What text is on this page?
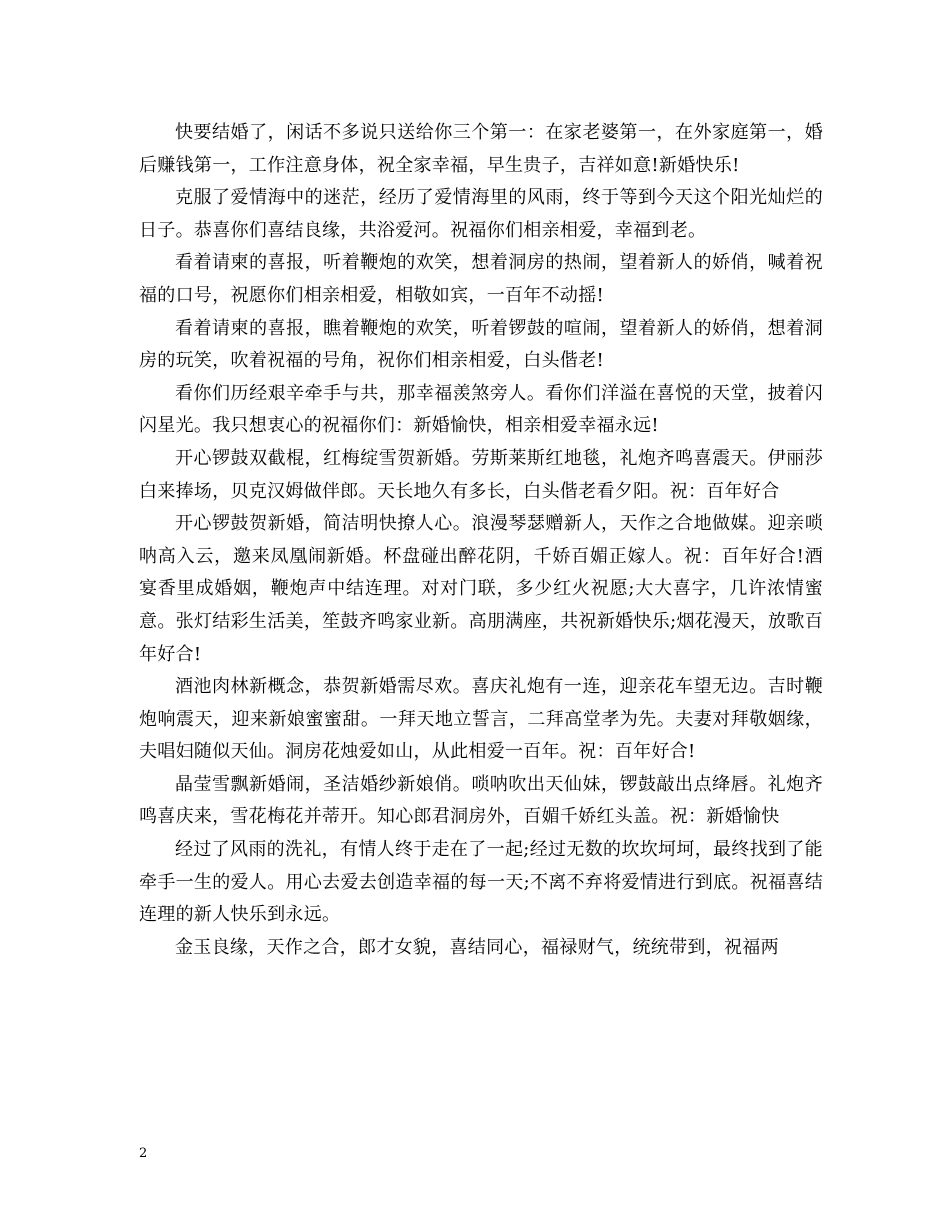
快要结婚了，闲话不多说只送给你三个第一：在家老婆第一，在外家庭第一，婚后赚钱第一，工作注意身体，祝全家幸福，早生贵子，吉祥如意!新婚快乐!

克服了爱情海中的迷茫，经历了爱情海里的风雨，终于等到今天这个阳光灿烂的日子。恭喜你们喜结良缘，共浴爱河。祝福你们相亲相爱，幸福到老。

看着请柬的喜报，听着鞭炮的欢笑，想着洞房的热闹，望着新人的娇俏，喊着祝福的口号，祝愿你们相亲相爱，相敬如宾，一百年不动摇!

看着请柬的喜报，瞧着鞭炮的欢笑，听着锣鼓的喧闹，望着新人的娇俏，想着洞房的玩笑，吹着祝福的号角，祝你们相亲相爱，白头偕老!

看你们历经艰辛牵手与共，那幸福羡煞旁人。看你们洋溢在喜悦的天堂，披着闪闪星光。我只想衷心的祝福你们：新婚愉快，相亲相爱幸福永远!

开心锣鼓双截棍，红梅绽雪贺新婚。劳斯莱斯红地毯，礼炮齐鸣喜震天。伊丽莎白来捧场，贝克汉姆做伴郎。天长地久有多长，白头偕老看夕阳。祝：百年好合

开心锣鼓贺新婚，简洁明快撩人心。浪漫琴瑟赠新人，天作之合地做媒。迎亲唢呐高入云，邀来凤凰闹新婚。杯盘碰出醉花阴，千娇百媚正嫁人。祝：百年好合!酒宴香里成婚姻，鞭炮声中结连理。对对门联，多少红火祝愿;大大喜字，几许浓情蜜意。张灯结彩生活美，笙鼓齐鸣家业新。高朋满座，共祝新婚快乐;烟花漫天，放歌百年好合!

酒池肉林新概念，恭贺新婚需尽欢。喜庆礼炮有一连，迎亲花车望无边。吉时鞭炮响震天，迎来新娘蜜蜜甜。一拜天地立誓言，二拜高堂孝为先。夫妻对拜敬姻缘，夫唱妇随似天仙。洞房花烛爱如山，从此相爱一百年。祝：百年好合!

晶莹雪飘新婚闹，圣洁婚纱新娘俏。唢呐吹出天仙妹，锣鼓敲出点绛唇。礼炮齐鸣喜庆来，雪花梅花并蒂开。知心郎君洞房外，百媚千娇红头盖。祝：新婚愉快

经过了风雨的洗礼，有情人终于走在了一起;经过无数的坎坎坷坷，最终找到了能牵手一生的爱人。用心去爱去创造幸福的每一天;不离不弃将爱情进行到底。祝福喜结连理的新人快乐到永远。

金玉良缘，天作之合，郎才女貌，喜结同心，福禄财气，统统带到，祝福两

2
